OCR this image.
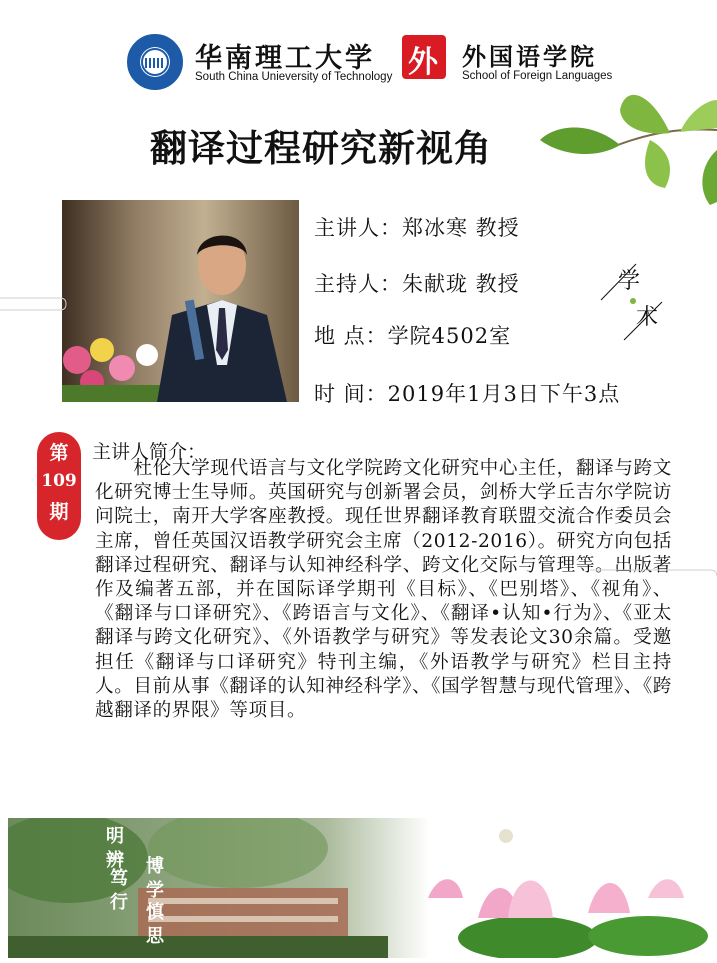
华南理工大学
South China Unieversity of Technology 外 外国语学院
School of Foreign Languages
翻译过程研究新视角
主讲人：郑冰寒 教授
主持人：朱献珑 教授
地 点：学院4502室
时 间：2019年1月3日下午3点
学
术
第
109
期
主讲人简介：
　　杜伦大学现代语言与文化学院跨文化研究中心主任，翻译与跨文化研究博士生导师。英国研究与创新署会员，剑桥大学丘吉尔学院访问院士，南开大学客座教授。现任世界翻译教育联盟交流合作委员会主席，曾任英国汉语教学研究会主席（2012-2016）。研究方向包括翻译过程研究、翻译与认知神经科学、跨文化交际与管理等。出版著作及编著五部，并在国际译学期刊《目标》、《巴别塔》、《视角》、《翻译与口译研究》、《跨语言与文化》、《翻译•认知•行为》、《亚太翻译与跨文化研究》、《外语教学与研究》等发表论文30余篇。受邀担任《翻译与口译研究》特刊主编，《外语教学与研究》栏目主持人。目前从事《翻译的认知神经科学》、《国学智慧与现代管理》、《跨越翻译的界限》等项目。
明辨
笃行 博学
慎思
